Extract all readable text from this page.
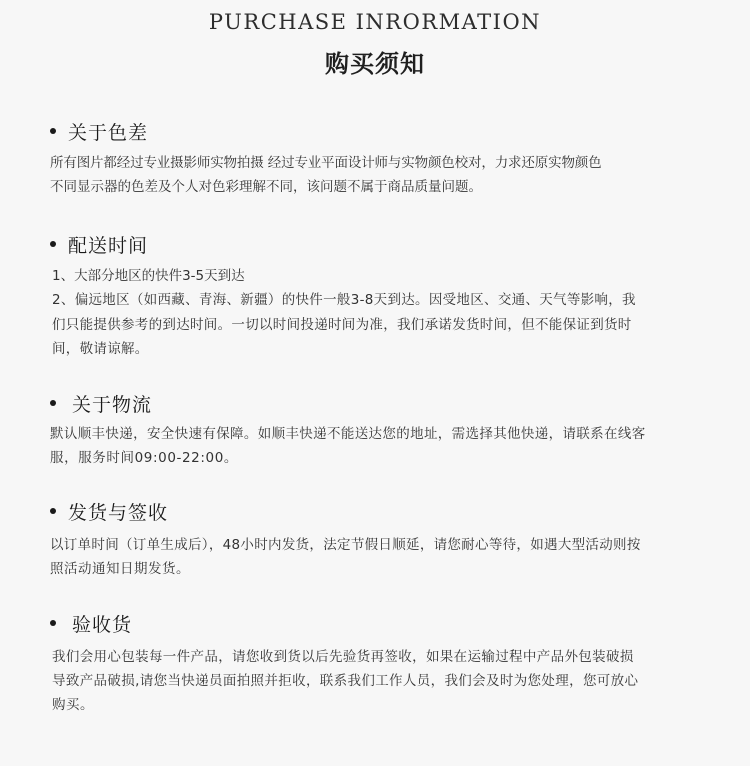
PURCHASE INRORMATION
购买须知
关于色差
所有图片都经过专业摄影师实物拍摄 经过专业平面设计师与实物颜色校对，力求还原实物颜色
不同显示器的色差及个人对色彩理解不同，该问题不属于商品质量问题。
配送时间
1、大部分地区的快件3-5天到达
2、偏远地区（如西藏、青海、新疆）的快件一般3-8天到达。因受地区、交通、天气等影响，我
们只能提供参考的到达时间。一切以时间投递时间为准，我们承诺发货时间，但不能保证到货时
间，敬请谅解。
关于物流
默认顺丰快递，安全快速有保障。如顺丰快递不能送达您的地址，需选择其他快递，请联系在线客
服，服务时间09:00-22:00。
发货与签收
以订单时间（订单生成后），48小时内发货，法定节假日顺延，请您耐心等待，如遇大型活动则按
照活动通知日期发货。
验收货
我们会用心包装每一件产品，请您收到货以后先验货再签收，如果在运输过程中产品外包装破损
导致产品破损,请您当快递员面拍照并拒收，联系我们工作人员，我们会及时为您处理，您可放心
购买。
